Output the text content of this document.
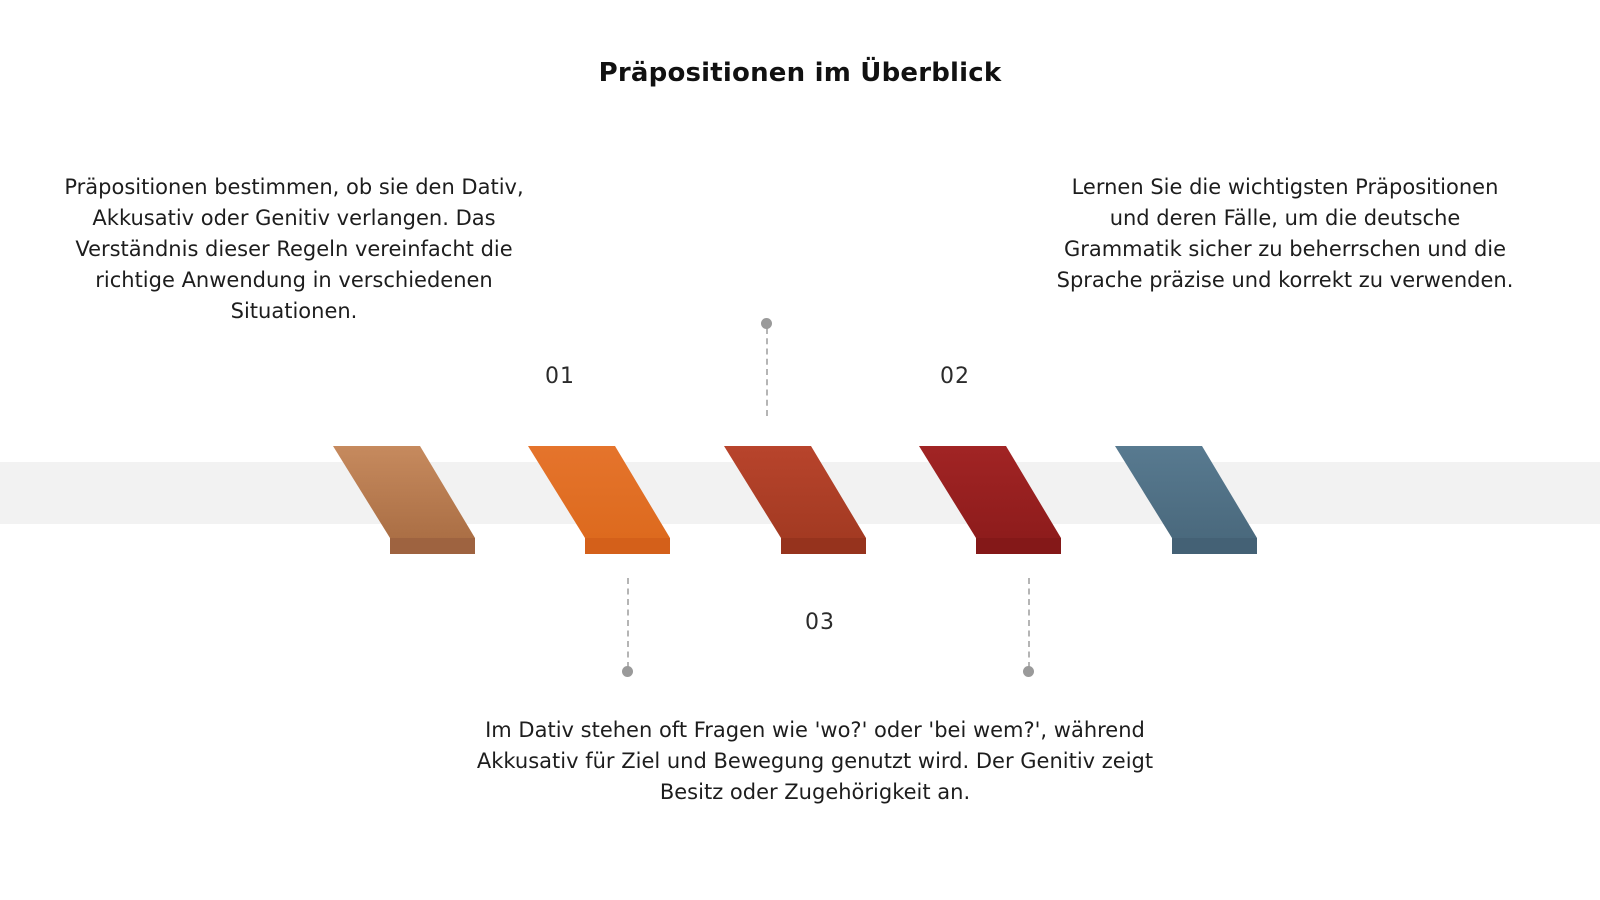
Präpositionen im Überblick
Präpositionen bestimmen, ob sie den Dativ, Akkusativ oder Genitiv verlangen. Das Verständnis dieser Regeln vereinfacht die richtige Anwendung in verschiedenen Situationen.
Lernen Sie die wichtigsten Präpositionen und deren Fälle, um die deutsche Grammatik sicher zu beherrschen und die Sprache präzise und korrekt zu verwenden.
Im Dativ stehen oft Fragen wie 'wo?' oder 'bei wem?', während Akkusativ für Ziel und Bewegung genutzt wird. Der Genitiv zeigt Besitz oder Zugehörigkeit an.
01	02
03
